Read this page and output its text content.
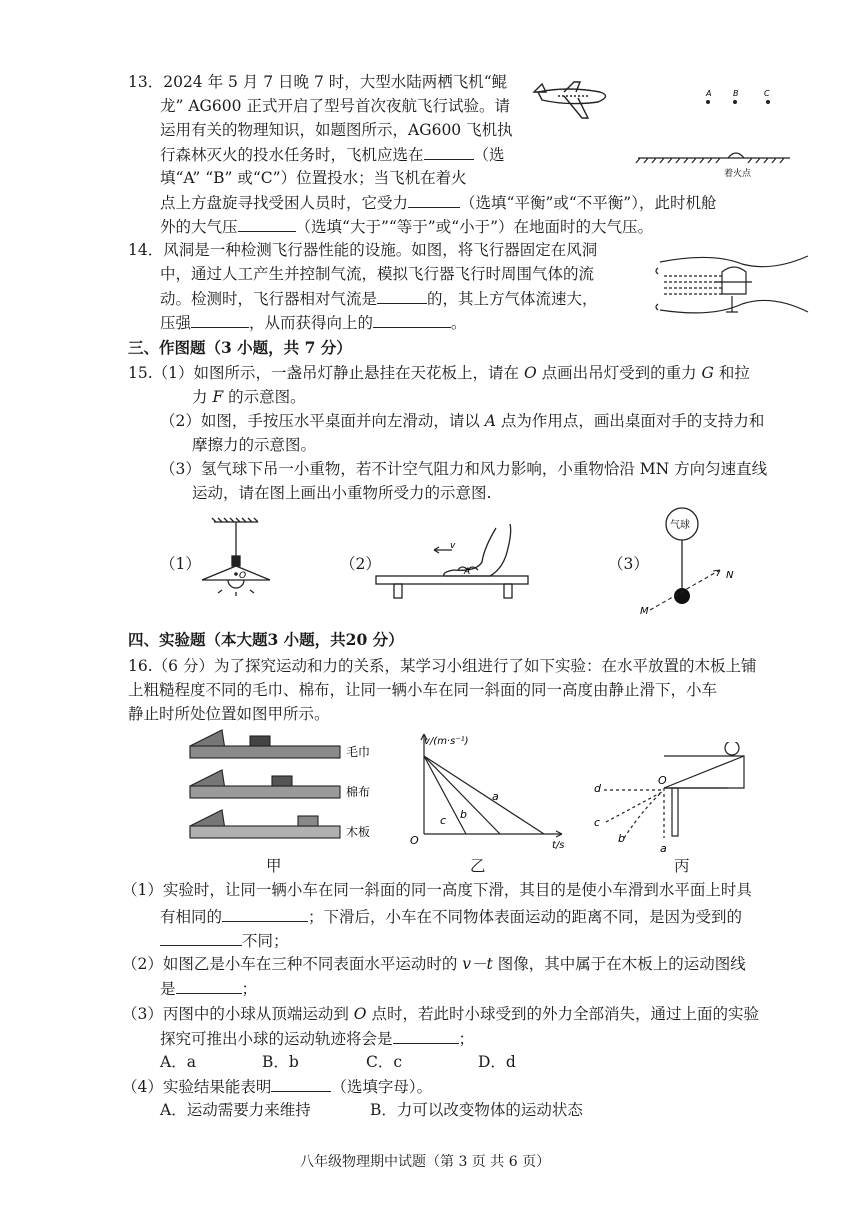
13．2024 年 5 月 7 日晚 7 时，大型水陆两栖飞机“鲲
龙” AG600 正式开启了型号首次夜航飞行试验。请
运用有关的物理知识，如题图所示，AG600 飞机执
行森林灭火的投水任务时，飞机应选在	（选
填“A” “B” 或“C”）位置投水；当飞机在着火
点上方盘旋寻找受困人员时，它受力	（选填“平衡”或“不平衡”），此时机舱
外的大气压	（选填“大于”“等于”或“小于”）在地面时的大气压。
A	B	C
着火点
14．风洞是一种检测飞行器性能的设施。如图，将飞行器固定在风洞
中，通过人工产生并控制气流，模拟飞行器飞行时周围气体的流
动。检测时，飞行器相对气流是	的，其上方气体流速大，
压强	，从而获得向上的	。
三、作图题（3 小题，共 7 分）
15.（1）如图所示，一盏吊灯静止悬挂在天花板上，请在 O 点画出吊灯受到的重力 G 和拉
力 F 的示意图。
（2）如图，手按压水平桌面并向左滑动，请以 A 点为作用点，画出桌面对手的支持力和
摩擦力的示意图。
（3）氢气球下吊一小重物，若不计空气阻力和风力影响，小重物恰沿 MN 方向匀速直线
运动，请在图上画出小重物所受力的示意图.
（1）
O
（2）
v
A	（3）
气球
N
M
四、实验题（本大题3 小题，共20 分）
16.（6 分）为了探究运动和力的关系，某学习小组进行了如下实验：在水平放置的木板上铺
上粗糙程度不同的毛巾、棉布，让同一辆小车在同一斜面的同一高度由静止滑下，小车
静止时所处位置如图甲所示。
毛巾
棉布
木板
甲
v/(m·s⁻¹)
t/s
O
a
b
c
乙
O
d
c
b
a
丙
（1）实验时，让同一辆小车在同一斜面的同一高度下滑，其目的是使小车滑到水平面上时具
有相同的	；下滑后，小车在不同物体表面运动的距离不同，是因为受到的
不同；
（2）如图乙是小车在三种不同表面水平运动时的 v－t 图像，其中属于在木板上的运动图线
是	；
（3）丙图中的小球从顶端运动到 O 点时，若此时小球受到的外力全部消失，通过上面的实验
探究可推出小球的运动轨迹将会是	；
A．a	B．b	C．c	D．d
（4）实验结果能表明	（选填字母）。
A．运动需要力来维持	B．力可以改变物体的运动状态
八年级物理期中试题（第 3 页 共 6 页）
